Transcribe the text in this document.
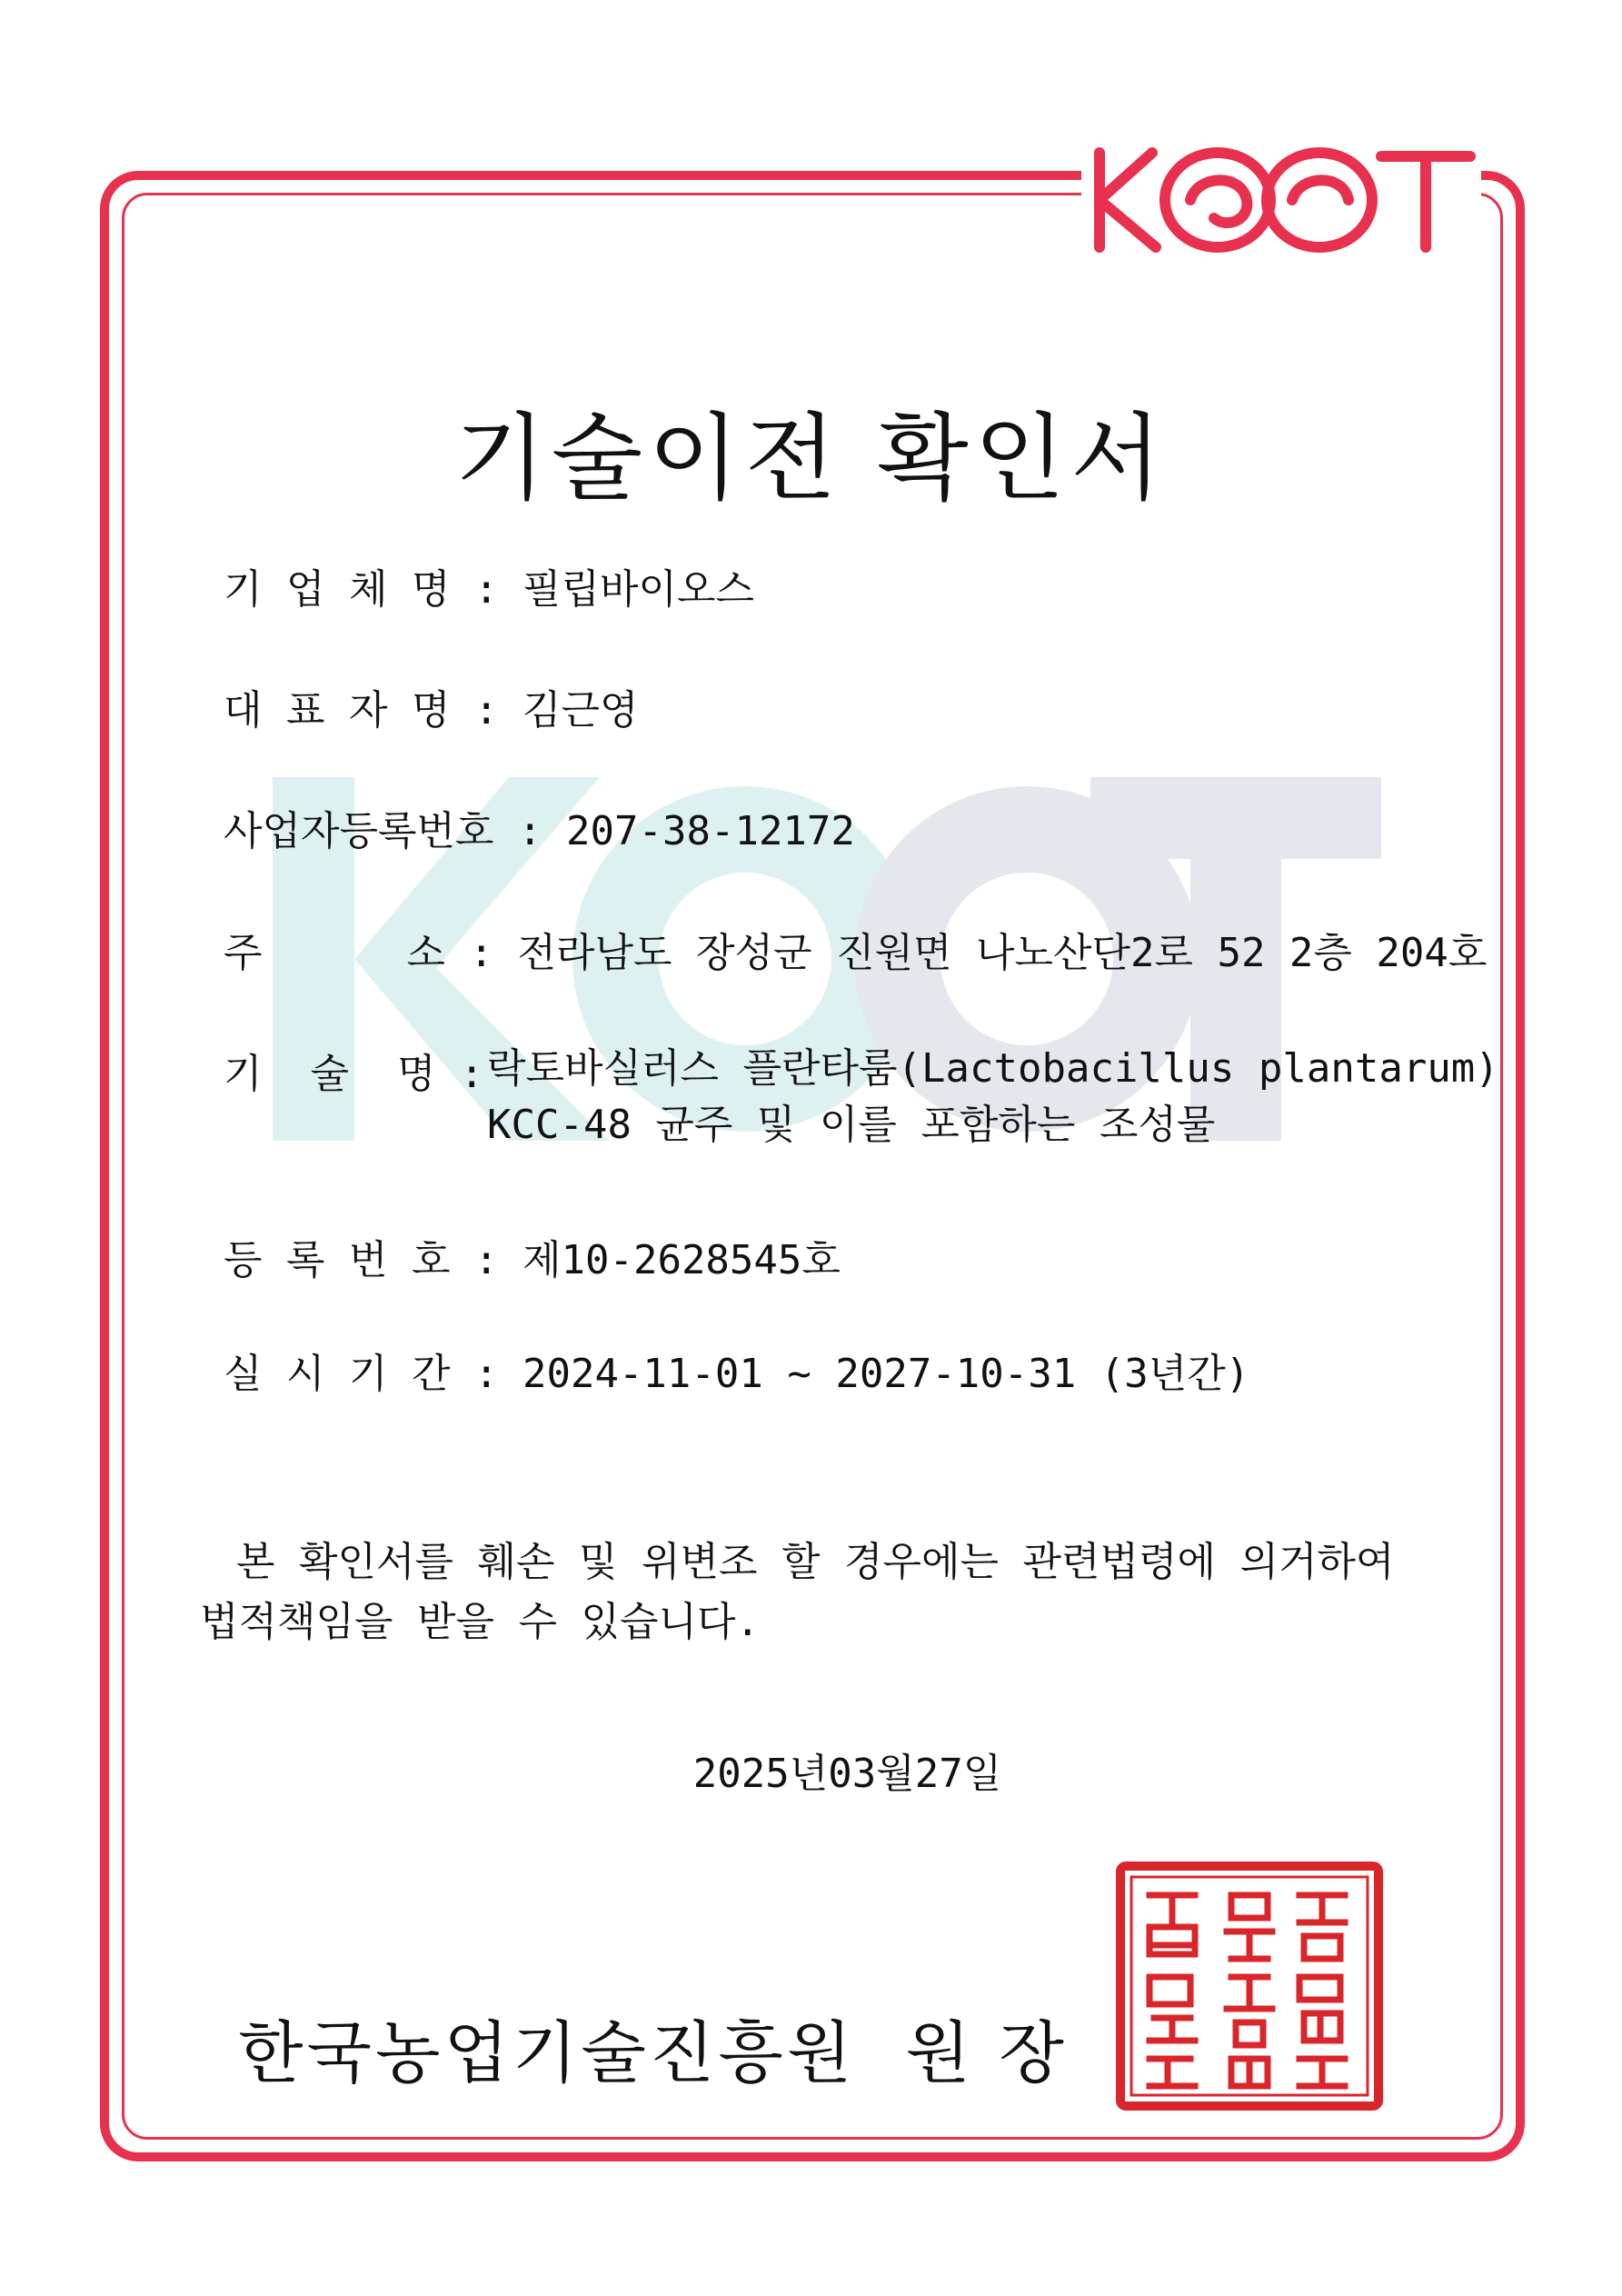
KOAT
기술이전 확인서
기 업 체 명 : 필립바이오스
대 표 자 명 : 김근영
사업자등록번호 : 207-38-12172
주      소 : 전라남도 장성군 진원면 나노산단2로 52 2층 204호
기  술  명 : 락토바실러스 플란타룸(Lactobacillus plantarum) KCC-48 균주 및 이를 포함하는 조성물
등 록 번 호 : 제10-2628545호
실 시 기 간 : 2024-11-01 ~ 2027-10-31 (3년간)
본 확인서를 훼손 및 위변조 할 경우에는 관련법령에 의거하여 법적책임을 받을 수 있습니다.
2025년03월27일
한국농업기술진흥원  원 장
